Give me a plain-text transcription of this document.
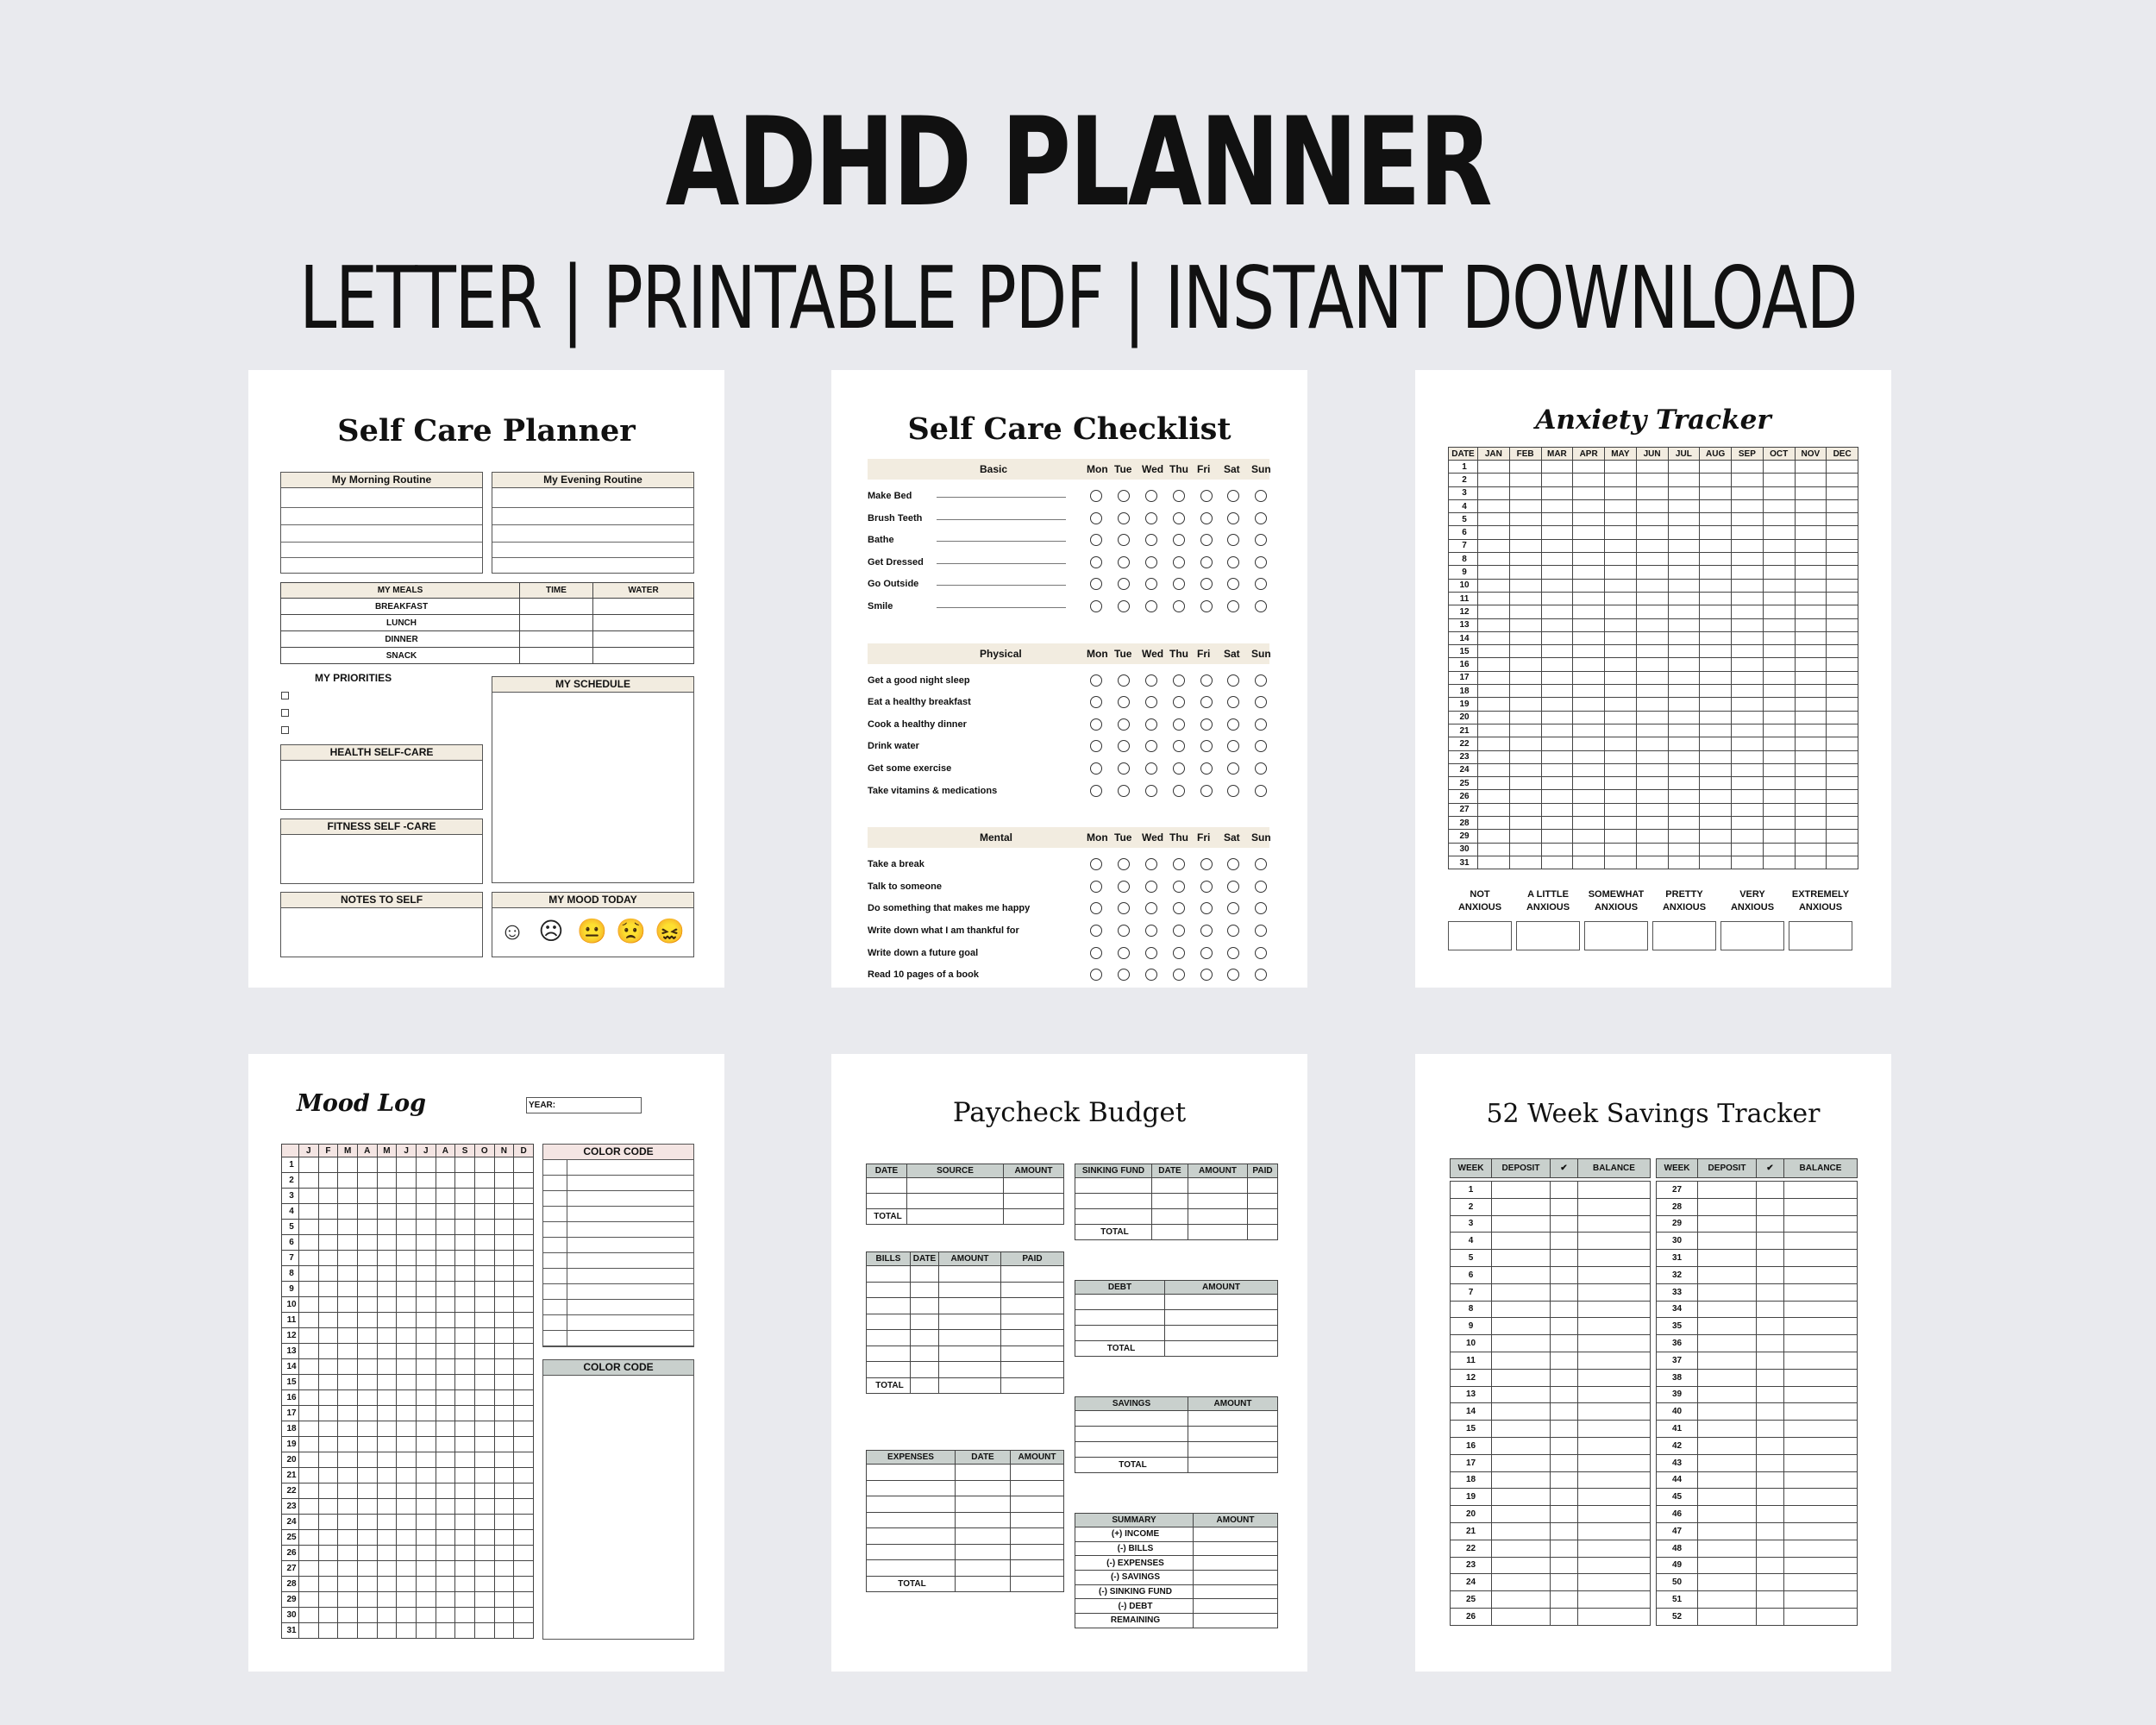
ADHD PLANNER
LETTER | PRINTABLE PDF | INSTANT DOWNLOAD
Self Care Planner
My Morning Routine	My Evening Routine
MY MEALS	TIME	WATER
BREAKFAST		
LUNCH		
DINNER		
SNACK		
MY PRIORITIES	MY SCHEDULE
HEALTH SELF-CARE
FITNESS SELF -CARE
NOTES TO SELF	MY MOOD TODAY
☺ ☹ 😐 😟 😖
Self Care Checklist
Basic	Mon Tue Wed Thu Fri Sat Sun
Make Bed
Brush Teeth
Bathe
Get Dressed
Go Outside
Smile
Physical	Mon Tue Wed Thu Fri Sat Sun
Get a good night sleep
Eat a healthy breakfast
Cook a healthy dinner
Drink water
Get some exercise
Take vitamins & medications
Mental	Mon Tue Wed Thu Fri Sat Sun
Take a break
Talk to someone
Do something that makes me happy
Write down what I am thankful for
Write down a future goal
Read 10 pages of a book
Anxiety Tracker
DATE	JAN	FEB	MAR	APR	MAY	JUN	JUL	AUG	SEP	OCT	NOV	DEC
1												
2												
3												
4												
5												
6												
7												
8												
9												
10												
11												
12												
13												
14												
15												
16												
17												
18												
19												
20												
21												
22												
23												
24												
25												
26												
27												
28												
29												
30												
31												
NOT
ANXIOUS
A LITTLE
ANXIOUS
SOMEWHAT
ANXIOUS
PRETTY
ANXIOUS
VERY
ANXIOUS
EXTREMELY
ANXIOUS
Mood Log	YEAR:
	J	F	M	A	M	J	J	A	S	O	N	D
1												
2												
3												
4												
5												
6												
7												
8												
9												
10												
11												
12												
13												
14												
15												
16												
17												
18												
19												
20												
21												
22												
23												
24												
25												
26												
27												
28												
29												
30												
31												
COLOR CODE
COLOR CODE
Paycheck Budget
DATE	SOURCE	AMOUNT

TOTAL		
BILLS	DATE	AMOUNT	PAID

TOTAL			
EXPENSES	DATE	AMOUNT

TOTAL		
SINKING FUND	DATE	AMOUNT	PAID

TOTAL			
DEBT	AMOUNT

TOTAL	
SAVINGS	AMOUNT

TOTAL	
SUMMARY	AMOUNT
(+) INCOME	
(-) BILLS	
(-) EXPENSES	
(-) SAVINGS	
(-) SINKING FUND	
(-) DEBT	
REMAINING	
52 Week Savings Tracker
WEEK	DEPOSIT	✔	BALANCE

1			
2			
3			
4			
5			
6			
7			
8			
9			
10			
11			
12			
13			
14			
15			
16			
17			
18			
19			
20			
21			
22			
23			
24			
25			
26			
WEEK	DEPOSIT	✔	BALANCE

27			
28			
29			
30			
31			
32			
33			
34			
35			
36			
37			
38			
39			
40			
41			
42			
43			
44			
45			
46			
47			
48			
49			
50			
51			
52			
